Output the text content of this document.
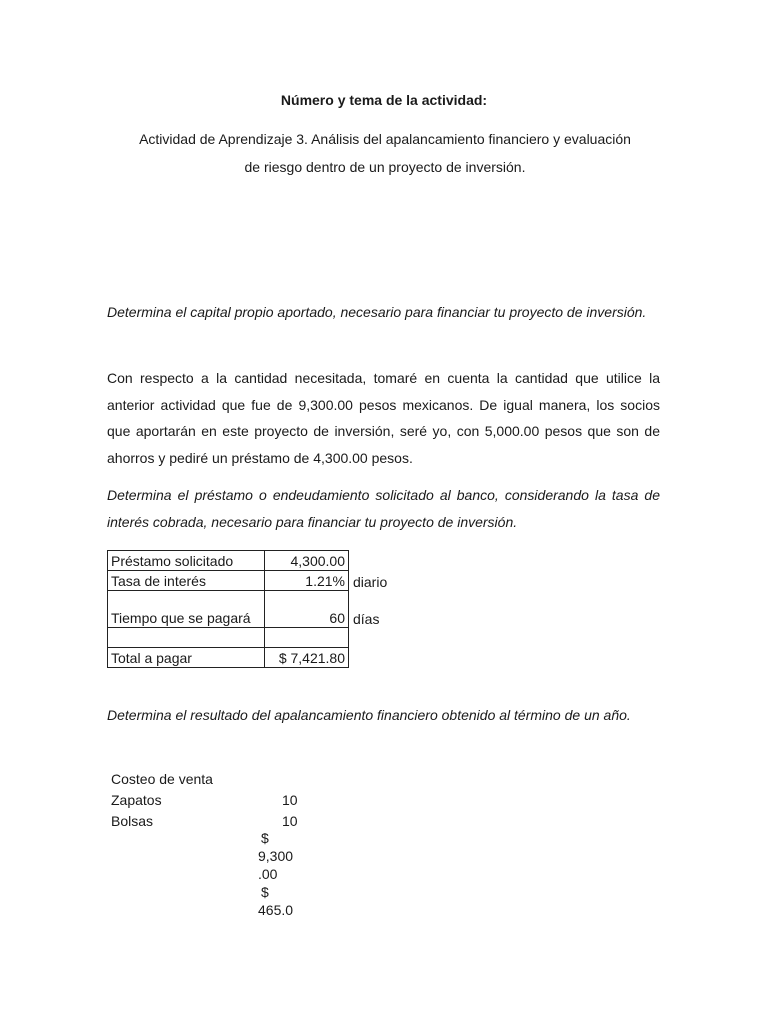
Número y tema de la actividad:
Actividad de Aprendizaje 3. Análisis del apalancamiento financiero y evaluación
de riesgo dentro de un proyecto de inversión.
Determina el capital propio aportado, necesario para financiar tu proyecto de inversión.
Con respecto a la cantidad necesitada, tomaré en cuenta la cantidad que utilice la anterior actividad que fue de 9,300.00 pesos mexicanos. De igual manera, los socios que aportarán en este proyecto de inversión, seré yo, con 5,000.00 pesos que son de ahorros y pediré un préstamo de 4,300.00 pesos.
Determina el préstamo o endeudamiento solicitado al banco, considerando la tasa de interés cobrada, necesario para financiar tu proyecto de inversión.
Préstamo solicitado	4,300.00	
Tasa de interés	1.21%	diario
Tiempo que se pagará	60	días

Total a pagar	$ 7,421.80	
Determina el resultado del apalancamiento financiero obtenido al término de un año.
Costeo de venta
Zapatos	10
Bolsas	10
$
9,300
.00
$
465.0
